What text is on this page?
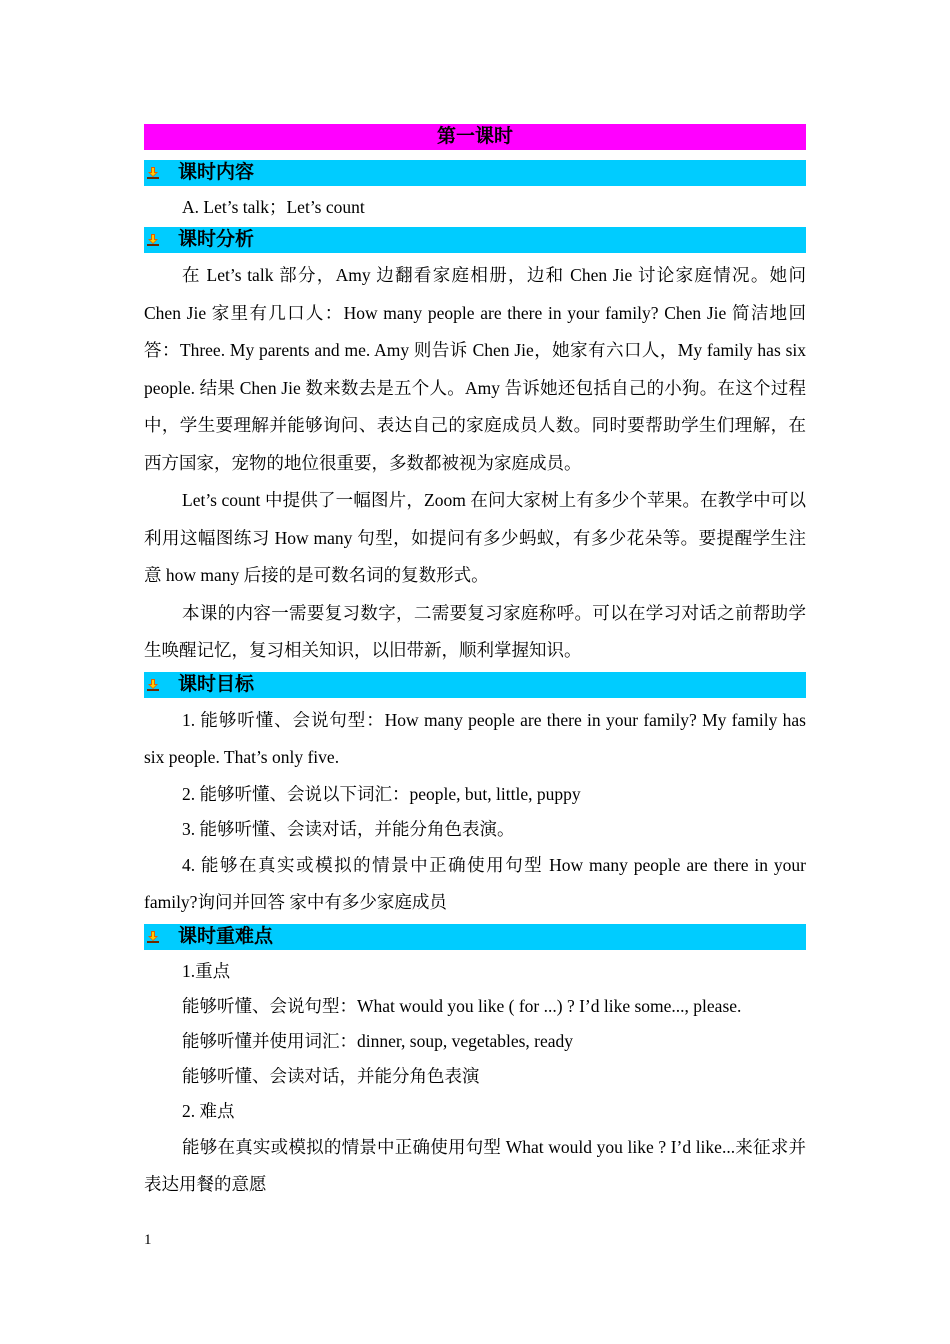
第一课时
课时内容

A. Let’s talk；Let’s count

课时分析

在 Let’s talk 部分，Amy 边翻看家庭相册，边和 Chen Jie 讨论家庭情况。她问 Chen Jie 家里有几口人：How many people are there in your family? Chen Jie 简洁地回答：Three. My parents and me. Amy 则告诉 Chen Jie，她家有六口人，My family has six people. 结果 Chen Jie 数来数去是五个人。Amy 告诉她还包括自己的小狗。在这个过程中，学生要理解并能够询问、表达自己的家庭成员人数。同时要帮助学生们理解，在西方国家，宠物的地位很重要，多数都被视为家庭成员。

Let’s count 中提供了一幅图片，Zoom 在问大家树上有多少个苹果。在教学中可以利用这幅图练习 How many 句型，如提问有多少蚂蚁，有多少花朵等。要提醒学生注意 how many 后接的是可数名词的复数形式。

本课的内容一需要复习数字，二需要复习家庭称呼。可以在学习对话之前帮助学生唤醒记忆，复习相关知识，以旧带新，顺利掌握知识。

课时目标

1. 能够听懂、会说句型：How many people are there in your family? My family has six people. That’s only five.

2. 能够听懂、会说以下词汇：people, but, little, puppy

3. 能够听懂、会读对话，并能分角色表演。

4. 能够在真实或模拟的情景中正确使用句型 How many people are there in your family?询问并回答 家中有多少家庭成员

课时重难点

1.重点

能够听懂、会说句型：What would you like ( for ...) ? I’d like some..., please.

能够听懂并使用词汇：dinner, soup, vegetables, ready

能够听懂、会读对话，并能分角色表演

2. 难点

能够在真实或模拟的情景中正确使用句型 What would you like ? I’d like...来征求并表达用餐的意愿

1
